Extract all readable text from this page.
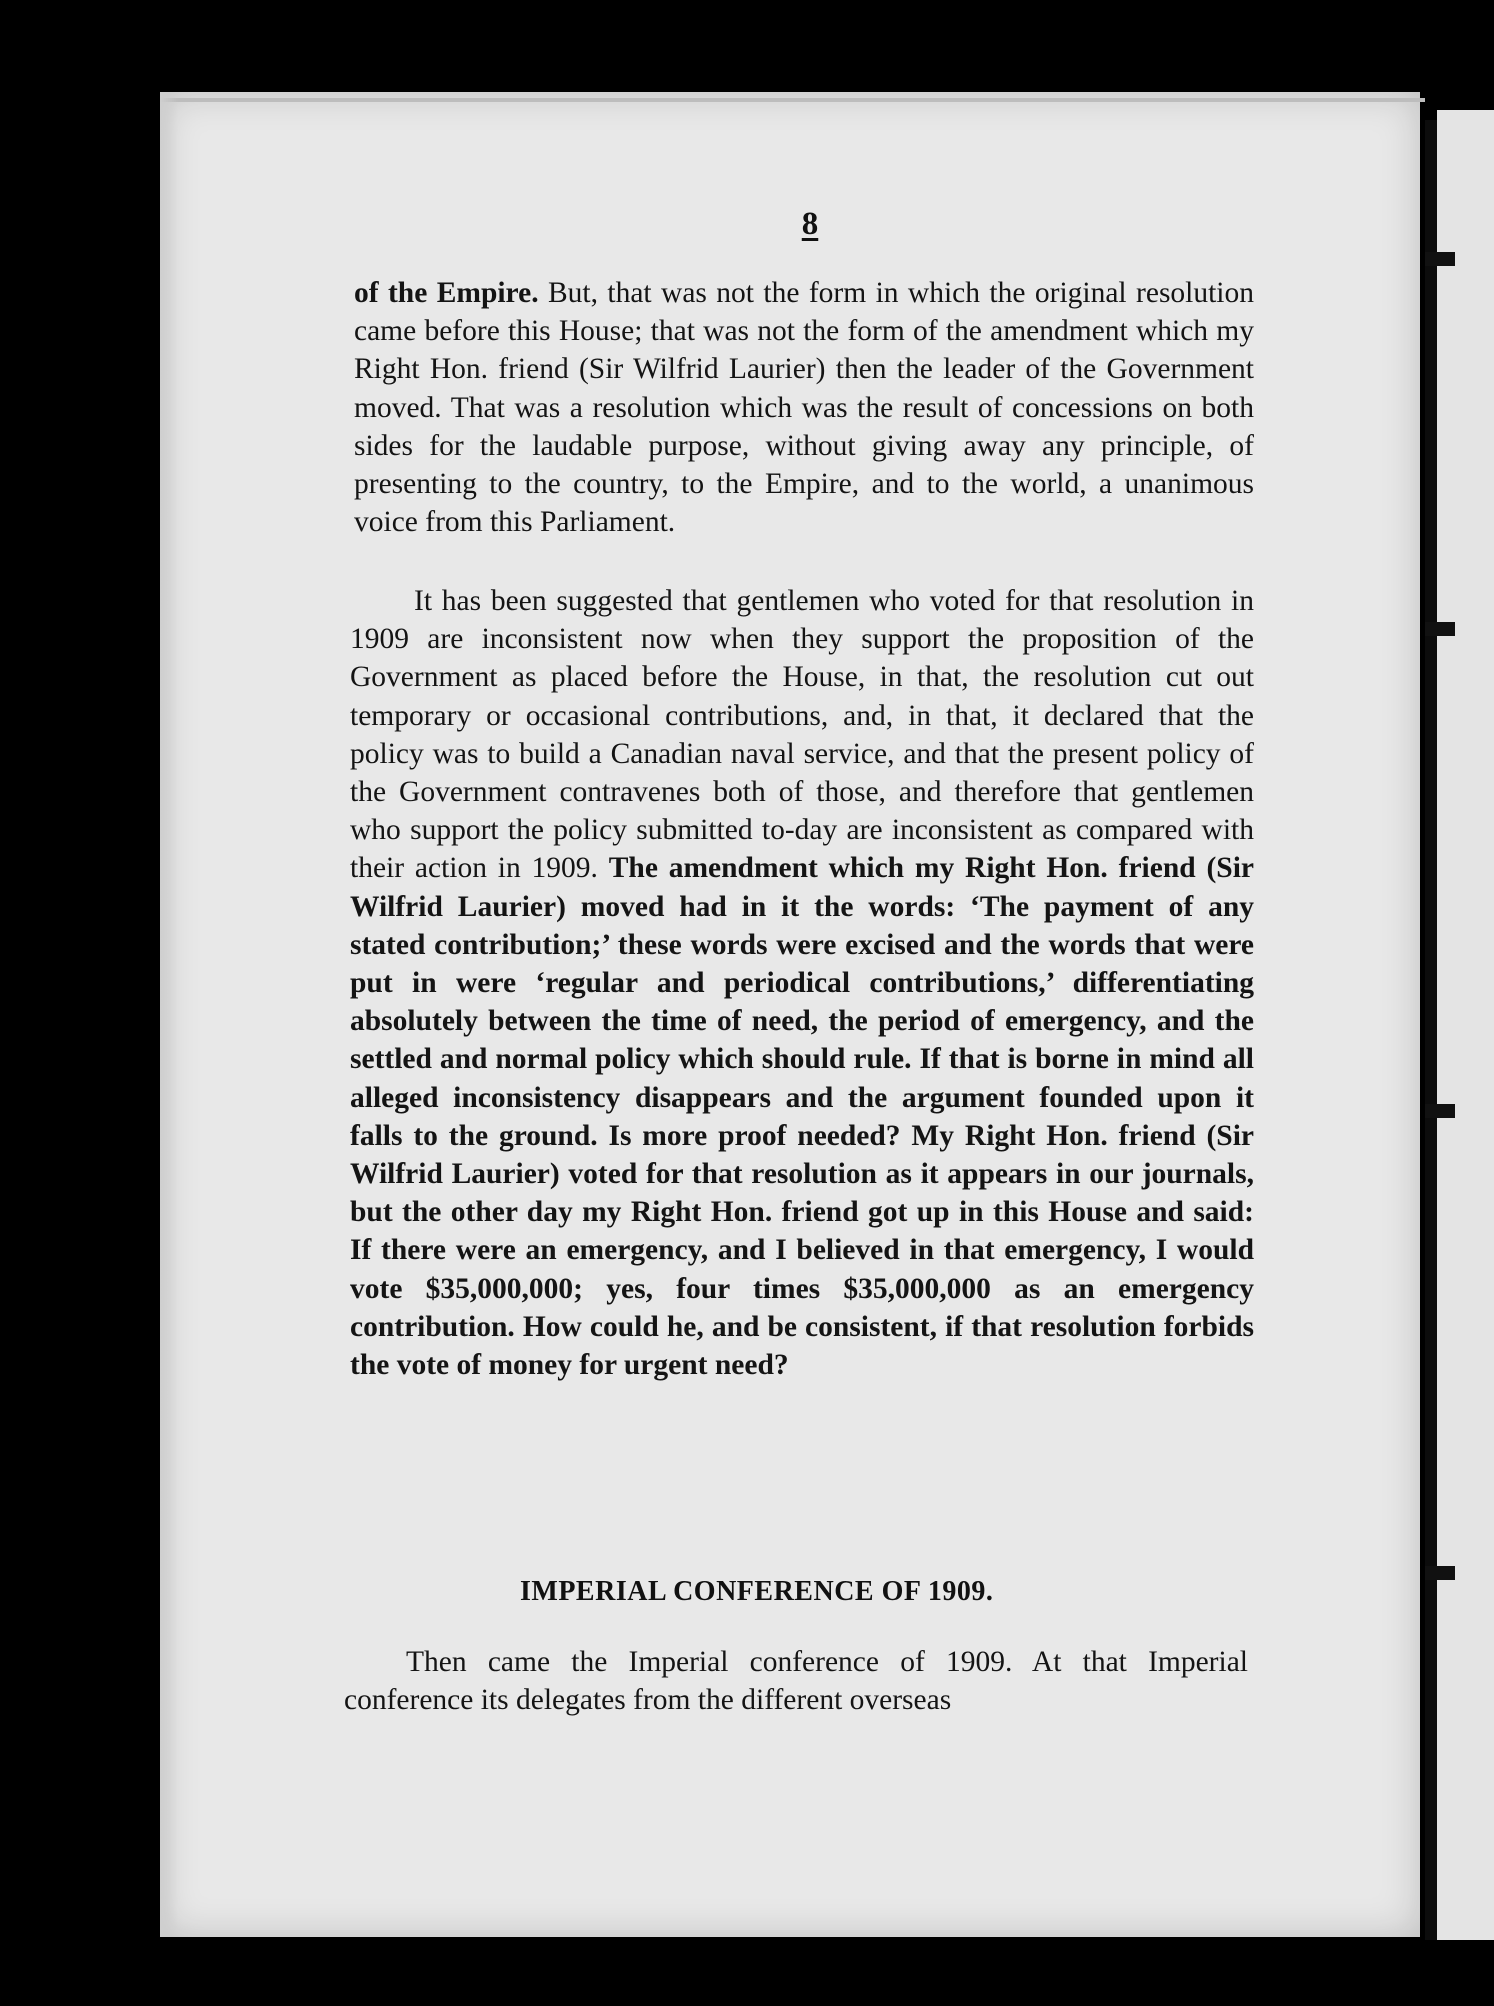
8
of the Empire. But, that was not the form in which the original resolution came before this House; that was not the form of the amendment which my Right Hon. friend (Sir Wilfrid Laurier) then the leader of the Government moved. That was a resolution which was the result of concessions on both sides for the laudable purpose, without giving away any principle, of presenting to the country, to the Empire, and to the world, a unanimous voice from this Parliament.
It has been suggested that gentlemen who voted for that resolution in 1909 are inconsistent now when they support the proposition of the Government as placed before the House, in that, the resolution cut out temporary or occasional contributions, and, in that, it declared that the policy was to build a Canadian naval service, and that the present policy of the Government contravenes both of those, and therefore that gentlemen who support the policy submitted to-day are inconsistent as compared with their action in 1909. The amendment which my Right Hon. friend (Sir Wilfrid Laurier) moved had in it the words: ‘The payment of any stated contribution;’ these words were excised and the words that were put in were ‘regular and periodical contributions,’ differentiating absolutely between the time of need, the period of emergency, and the settled and normal policy which should rule. If that is borne in mind all alleged inconsistency disappears and the argument founded upon it falls to the ground. Is more proof needed? My Right Hon. friend (Sir Wilfrid Laurier) voted for that resolution as it appears in our journals, but the other day my Right Hon. friend got up in this House and said: If there were an emergency, and I believed in that emergency, I would vote $35,000,000; yes, four times $35,000,000 as an emergency contribution. How could he, and be consistent, if that resolution forbids the vote of money for urgent need?
IMPERIAL CONFERENCE OF 1909.
Then came the Imperial conference of 1909. At that Imperial conference its delegates from the different overseas
